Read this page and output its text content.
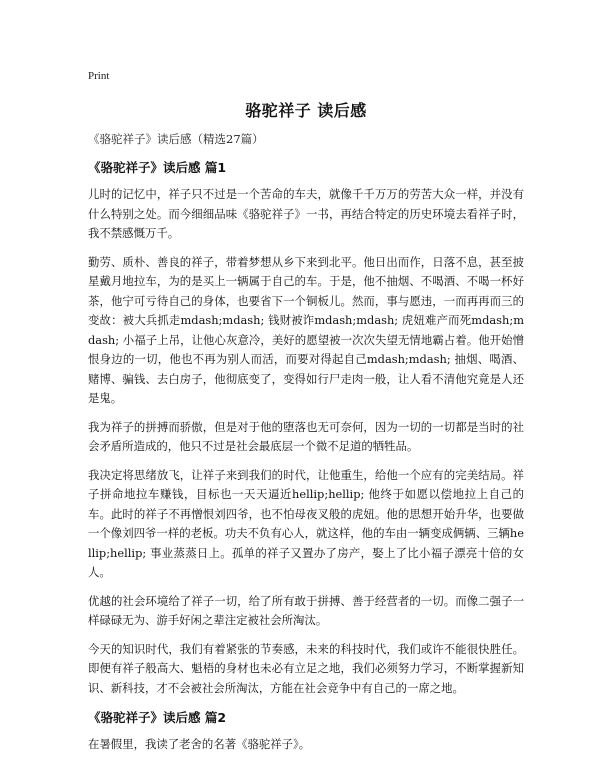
Print
骆驼祥子 读后感
《骆驼祥子》读后感（精选27篇）
《骆驼祥子》读后感 篇1

儿时的记忆中，祥子只不过是一个苦命的车夫，就像千千万万的劳苦大众一样，并没有什么特别之处。而今细细品味《骆驼祥子》一书，再结合特定的历史环境去看祥子时，我不禁感慨万千。

勤劳、质朴、善良的祥子，带着梦想从乡下来到北平。他日出而作，日落不息，甚至披星戴月地拉车，为的是买上一辆属于自己的车。于是，他不抽烟、不喝酒、不喝一杯好茶，他宁可亏待自己的身体，也要省下一个铜板儿。然而，事与愿违，一而再再而三的变故：被大兵抓走mdash;mdash; 钱财被诈mdash;mdash; 虎妞难产而死mdash;mdash; 小福子上吊，让他心灰意冷，美好的愿望被一次次失望无情地霸占着。他开始憎恨身边的一切，他也不再为别人而活，而要对得起自己mdash;mdash; 抽烟、喝酒、赌博、骗钱、去白房子，他彻底变了，变得如行尸走肉一般，让人看不清他究竟是人还是鬼。

我为祥子的拼搏而骄傲，但是对于他的堕落也无可奈何，因为一切的一切都是当时的社会矛盾所造成的，他只不过是社会最底层一个微不足道的牺牲品。

我决定将思绪放飞，让祥子来到我们的时代，让他重生，给他一个应有的完美结局。祥子拼命地拉车赚钱，目标也一天天逼近hellip;hellip; 他终于如愿以偿地拉上自己的车。此时的祥子不再憎恨刘四爷，也不怕母夜叉般的虎妞。他的思想开始升华，也要做一个像刘四爷一样的老板。功夫不负有心人，就这样，他的车由一辆变成俩辆、三辆hellip;hellip; 事业蒸蒸日上。孤单的祥子又置办了房产，娶上了比小福子漂亮十倍的女人。

优越的社会环境给了祥子一切，给了所有敢于拼搏、善于经营者的一切。而像二强子一样碌碌无为、游手好闲之辈注定被社会所淘汰。

今天的知识时代，我们有着紧张的节奏感，未来的科技时代，我们或许不能很快胜任。即便有祥子般高大、魁梧的身材也未必有立足之地，我们必须努力学习，不断掌握新知识、新科技，才不会被社会所淘汰，方能在社会竞争中有自己的一席之地。

《骆驼祥子》读后感 篇2

在暑假里，我读了老舍的名著《骆驼祥子》。
